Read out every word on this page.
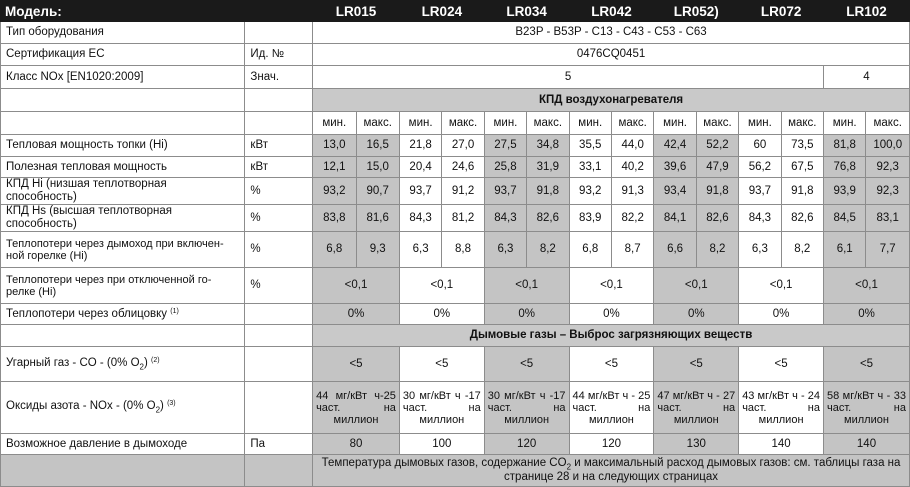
Модель:		LR015		LR024		LR034		LR042		LR052)		LR072		LR102	
Тип оборудования		B23P - B53P - C13 - C43 - C53 - C63													
Сертификация ЕС	Ид. №	0476CQ0451													
Класс NOx [EN1020:2009]	Знач.	5												4	
		КПД воздухонагревателя													
		мин.	макс.	мин.	макс.	мин.	макс.	мин.	макс.	мин.	макс.	мин.	макс.	мин.	макс.
Тепловая мощность топки (Hi)	кВт	13,0	16,5	21,8	27,0	27,5	34,8	35,5	44,0	42,4	52,2	60	73,5	81,8	100,0
Полезная тепловая мощность	кВт	12,1	15,0	20,4	24,6	25,8	31,9	33,1	40,2	39,6	47,9	56,2	67,5	76,8	92,3
КПД Hi (низшая теплотворная способность)	%	93,2	90,7	93,7	91,2	93,7	91,8	93,2	91,3	93,4	91,8	93,7	91,8	93,9	92,3
КПД Hs (высшая теплотворная способность)	%	83,8	81,6	84,3	81,2	84,3	82,6	83,9	82,2	84,1	82,6	84,3	82,6	84,5	83,1
Теплопотери через дымоход при включен-
ной горелке (Hi)	%	6,8	9,3	6,3	8,8	6,3	8,2	6,8	8,7	6,6	8,2	6,3	8,2	6,1	7,7
Теплопотери через при отключенной го-
релке (Hi)	%	<0,1		<0,1		<0,1		<0,1		<0,1		<0,1		<0,1	
Теплопотери через облицовку $^{(1)}$		0%		0%		0%		0%		0%		0%		0%	
		Дымовые газы – Выброс загрязняющих веществ													
Угарный газ - CO - (0% $O_2$) $^{(2)}$		<5		<5		<5		<5		<5		<5		<5	
Оксиды азота - NOx - (0% $O_2$) $^{(3)}$		44 мг/кВт ч-25 част. на миллион		30 мг/кВт ч -17 част. на миллион		30 мг/кВт ч -17 част. на миллион		44 мг/кВт ч - 25 част. на миллион		47 мг/кВт ч - 27 част. на миллион		43 мг/кВт ч - 24 част. на миллион		58 мг/кВт ч - 33 част. на миллион	
Возможное давление в дымоходе	Па	80		100		120		120		130		140		140	
		Температура дымовых газов, содержание $CO_2$ и максимальный расход дымовых газов: см. таблицы газа на странице 28 и на следующих страницах													
